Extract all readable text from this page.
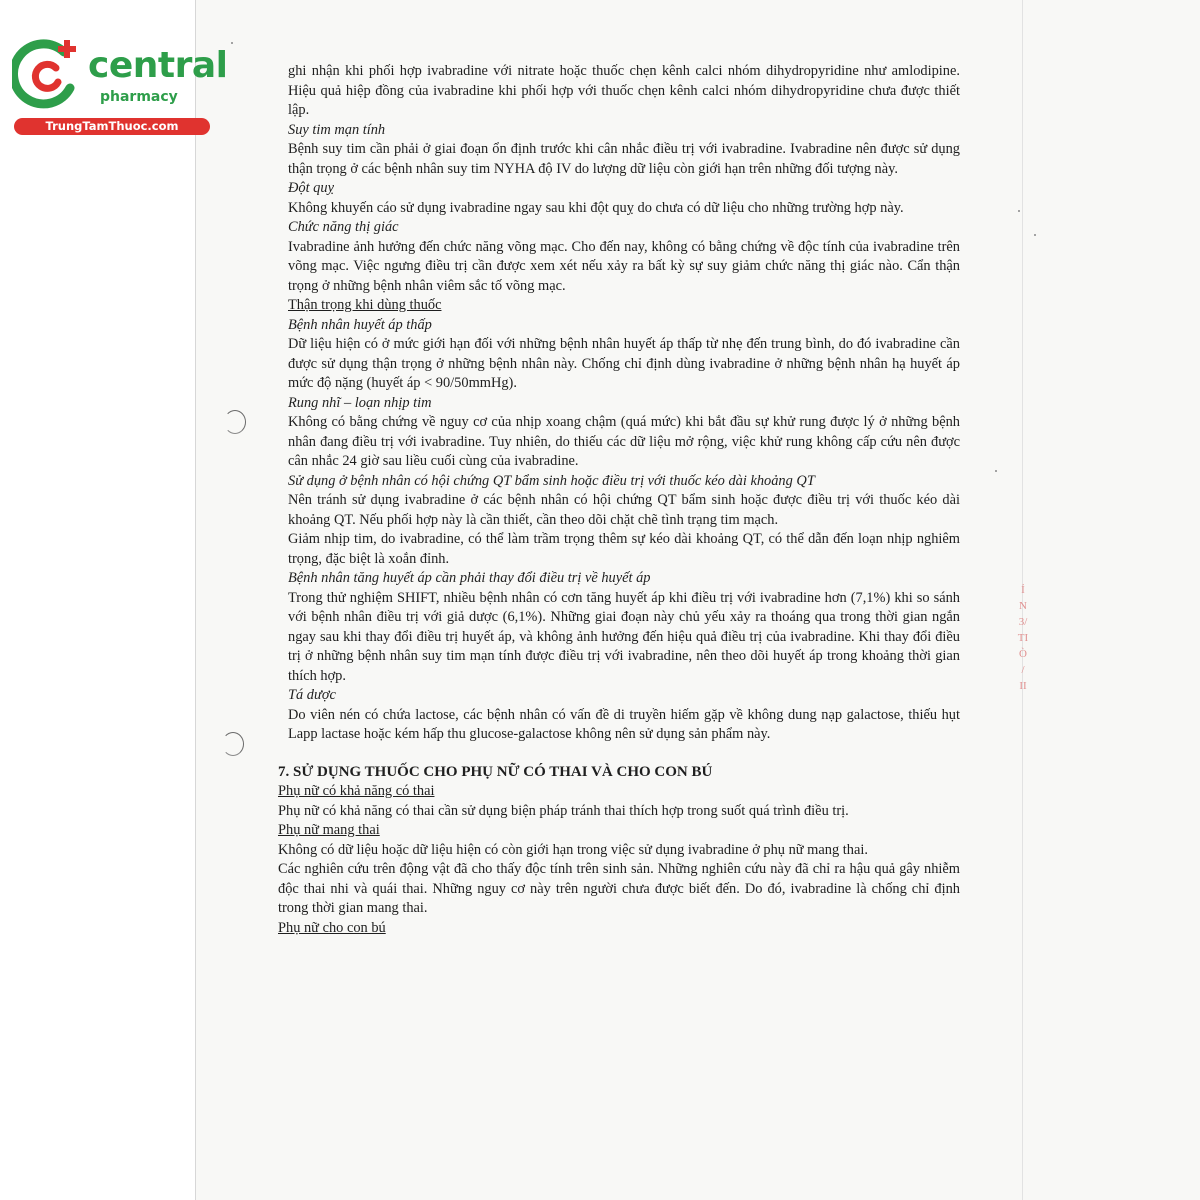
central
pharmacy
TrungTamThuoc.com
Ỉ
N
3/
TI
Ò
/
II

ghi nhận khi phối hợp ivabradine với nitrate hoặc thuốc chẹn kênh calci nhóm dihydropyridine như amlodipine. Hiệu quả hiệp đồng của ivabradine khi phối hợp với thuốc chẹn kênh calci nhóm dihydropyridine chưa được thiết lập.

Suy tim mạn tính

Bệnh suy tim cần phải ở giai đoạn ổn định trước khi cân nhắc điều trị với ivabradine. Ivabradine nên được sử dụng thận trọng ở các bệnh nhân suy tim NYHA độ IV do lượng dữ liệu còn giới hạn trên những đối tượng này.

Đột quỵ

Không khuyến cáo sử dụng ivabradine ngay sau khi đột quỵ do chưa có dữ liệu cho những trường hợp này.

Chức năng thị giác

Ivabradine ảnh hưởng đến chức năng võng mạc. Cho đến nay, không có bằng chứng về độc tính của ivabradine trên võng mạc. Việc ngưng điều trị cần được xem xét nếu xảy ra bất kỳ sự suy giảm chức năng thị giác nào. Cẩn thận trọng ở những bệnh nhân viêm sắc tố võng mạc.

Thận trọng khi dùng thuốc

Bệnh nhân huyết áp thấp

Dữ liệu hiện có ở mức giới hạn đối với những bệnh nhân huyết áp thấp từ nhẹ đến trung bình, do đó ivabradine cần được sử dụng thận trọng ở những bệnh nhân này. Chống chỉ định dùng ivabradine ở những bệnh nhân hạ huyết áp mức độ nặng (huyết áp < 90/50mmHg).

Rung nhĩ – loạn nhịp tim

Không có bằng chứng về nguy cơ của nhịp xoang chậm (quá mức) khi bắt đầu sự khử rung được lý ở những bệnh nhân đang điều trị với ivabradine. Tuy nhiên, do thiếu các dữ liệu mở rộng, việc khử rung không cấp cứu nên được cân nhắc 24 giờ sau liều cuối cùng của ivabradine.

Sử dụng ở bệnh nhân có hội chứng QT bẩm sinh hoặc điều trị với thuốc kéo dài khoảng QT

Nên tránh sử dụng ivabradine ở các bệnh nhân có hội chứng QT bẩm sinh hoặc được điều trị với thuốc kéo dài khoảng QT. Nếu phối hợp này là cần thiết, cần theo dõi chặt chẽ tình trạng tim mạch.

Giảm nhịp tim, do ivabradine, có thể làm trầm trọng thêm sự kéo dài khoảng QT, có thể dẫn đến loạn nhịp nghiêm trọng, đặc biệt là xoắn đỉnh.

Bệnh nhân tăng huyết áp cần phải thay đổi điều trị về huyết áp

Trong thử nghiệm SHIFT, nhiều bệnh nhân có cơn tăng huyết áp khi điều trị với ivabradine hơn (7,1%) khi so sánh với bệnh nhân điều trị với giả dược (6,1%). Những giai đoạn này chủ yếu xảy ra thoáng qua trong thời gian ngắn ngay sau khi thay đổi điều trị huyết áp, và không ảnh hưởng đến hiệu quả điều trị của ivabradine. Khi thay đổi điều trị ở những bệnh nhân suy tim mạn tính được điều trị với ivabradine, nên theo dõi huyết áp trong khoảng thời gian thích hợp.

Tá dược

Do viên nén có chứa lactose, các bệnh nhân có vấn đề di truyền hiếm gặp về không dung nạp galactose, thiếu hụt Lapp lactase hoặc kém hấp thu glucose-galactose không nên sử dụng sản phẩm này.

7. SỬ DỤNG THUỐC CHO PHỤ NỮ CÓ THAI VÀ CHO CON BÚ

Phụ nữ có khả năng có thai

Phụ nữ có khả năng có thai cần sử dụng biện pháp tránh thai thích hợp trong suốt quá trình điều trị.

Phụ nữ mang thai

Không có dữ liệu hoặc dữ liệu hiện có còn giới hạn trong việc sử dụng ivabradine ở phụ nữ mang thai.

Các nghiên cứu trên động vật đã cho thấy độc tính trên sinh sản. Những nghiên cứu này đã chỉ ra hậu quả gây nhiễm độc thai nhi và quái thai. Những nguy cơ này trên người chưa được biết đến. Do đó, ivabradine là chống chỉ định trong thời gian mang thai.

Phụ nữ cho con bú
